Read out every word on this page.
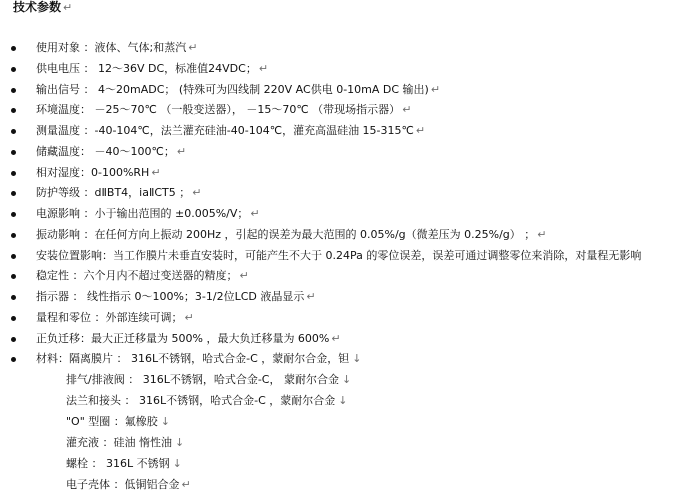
技术参数 ↵
使用对象 ：液体、气体;和蒸汽 ↵
供电电压 ： 12～36V DC，标准值24VDC； ↵
输出信号 ： 4～20mADC； (特殊可为四线制 220V AC供电 0-10mA DC 输出) ↵
环境温度： －25～70℃ （一般变送器）， －15～70℃ （带现场指示器） ↵
测量温度 ：-40-104℃，法兰灌充硅油-40-104℃，灌充高温硅油 15-315℃ ↵
储藏温度： －40～100℃； ↵
相对湿度：0-100%RH ↵
防护等级 ：dⅡBT4，iaⅡCT5 ； ↵
电源影响 ：小于输出范围的 ±0.005%/V； ↵
振动影响 ：在任何方向上振动 200Hz ，引起的误差为最大范围的 0.05%/g（微差压为 0.25%/g） ； ↵
安装位置影响：当工作膜片未垂直安装时，可能产生不大于 0.24Pa 的零位误差，误差可通过调整零位来消除，对量程无影响
稳定性 ：六个月内不超过变送器的精度； ↵
指示器 ： 线性指示 0～100%；3-1/2位LCD 液晶显示 ↵
量程和零位 ：外部连续可调； ↵
正负迁移：最大正迁移量为 500% ，最大负迁移量为 600% ↵
材料：隔离膜片 ： 316L不锈钢，哈式合金-C ，蒙耐尔合金，钽 ↓
排气/排液阀 ： 316L不锈钢，哈式合金-C， 蒙耐尔合金 ↓
法兰和接头 ： 316L不锈钢，哈式合金-C ，蒙耐尔合金 ↓
"O" 型圈 ：氟橡胶 ↓
灌充液 ：硅油 惰性油 ↓
螺栓 ： 316L 不锈钢 ↓
电子壳体 ：低铜铝合金 ↵
